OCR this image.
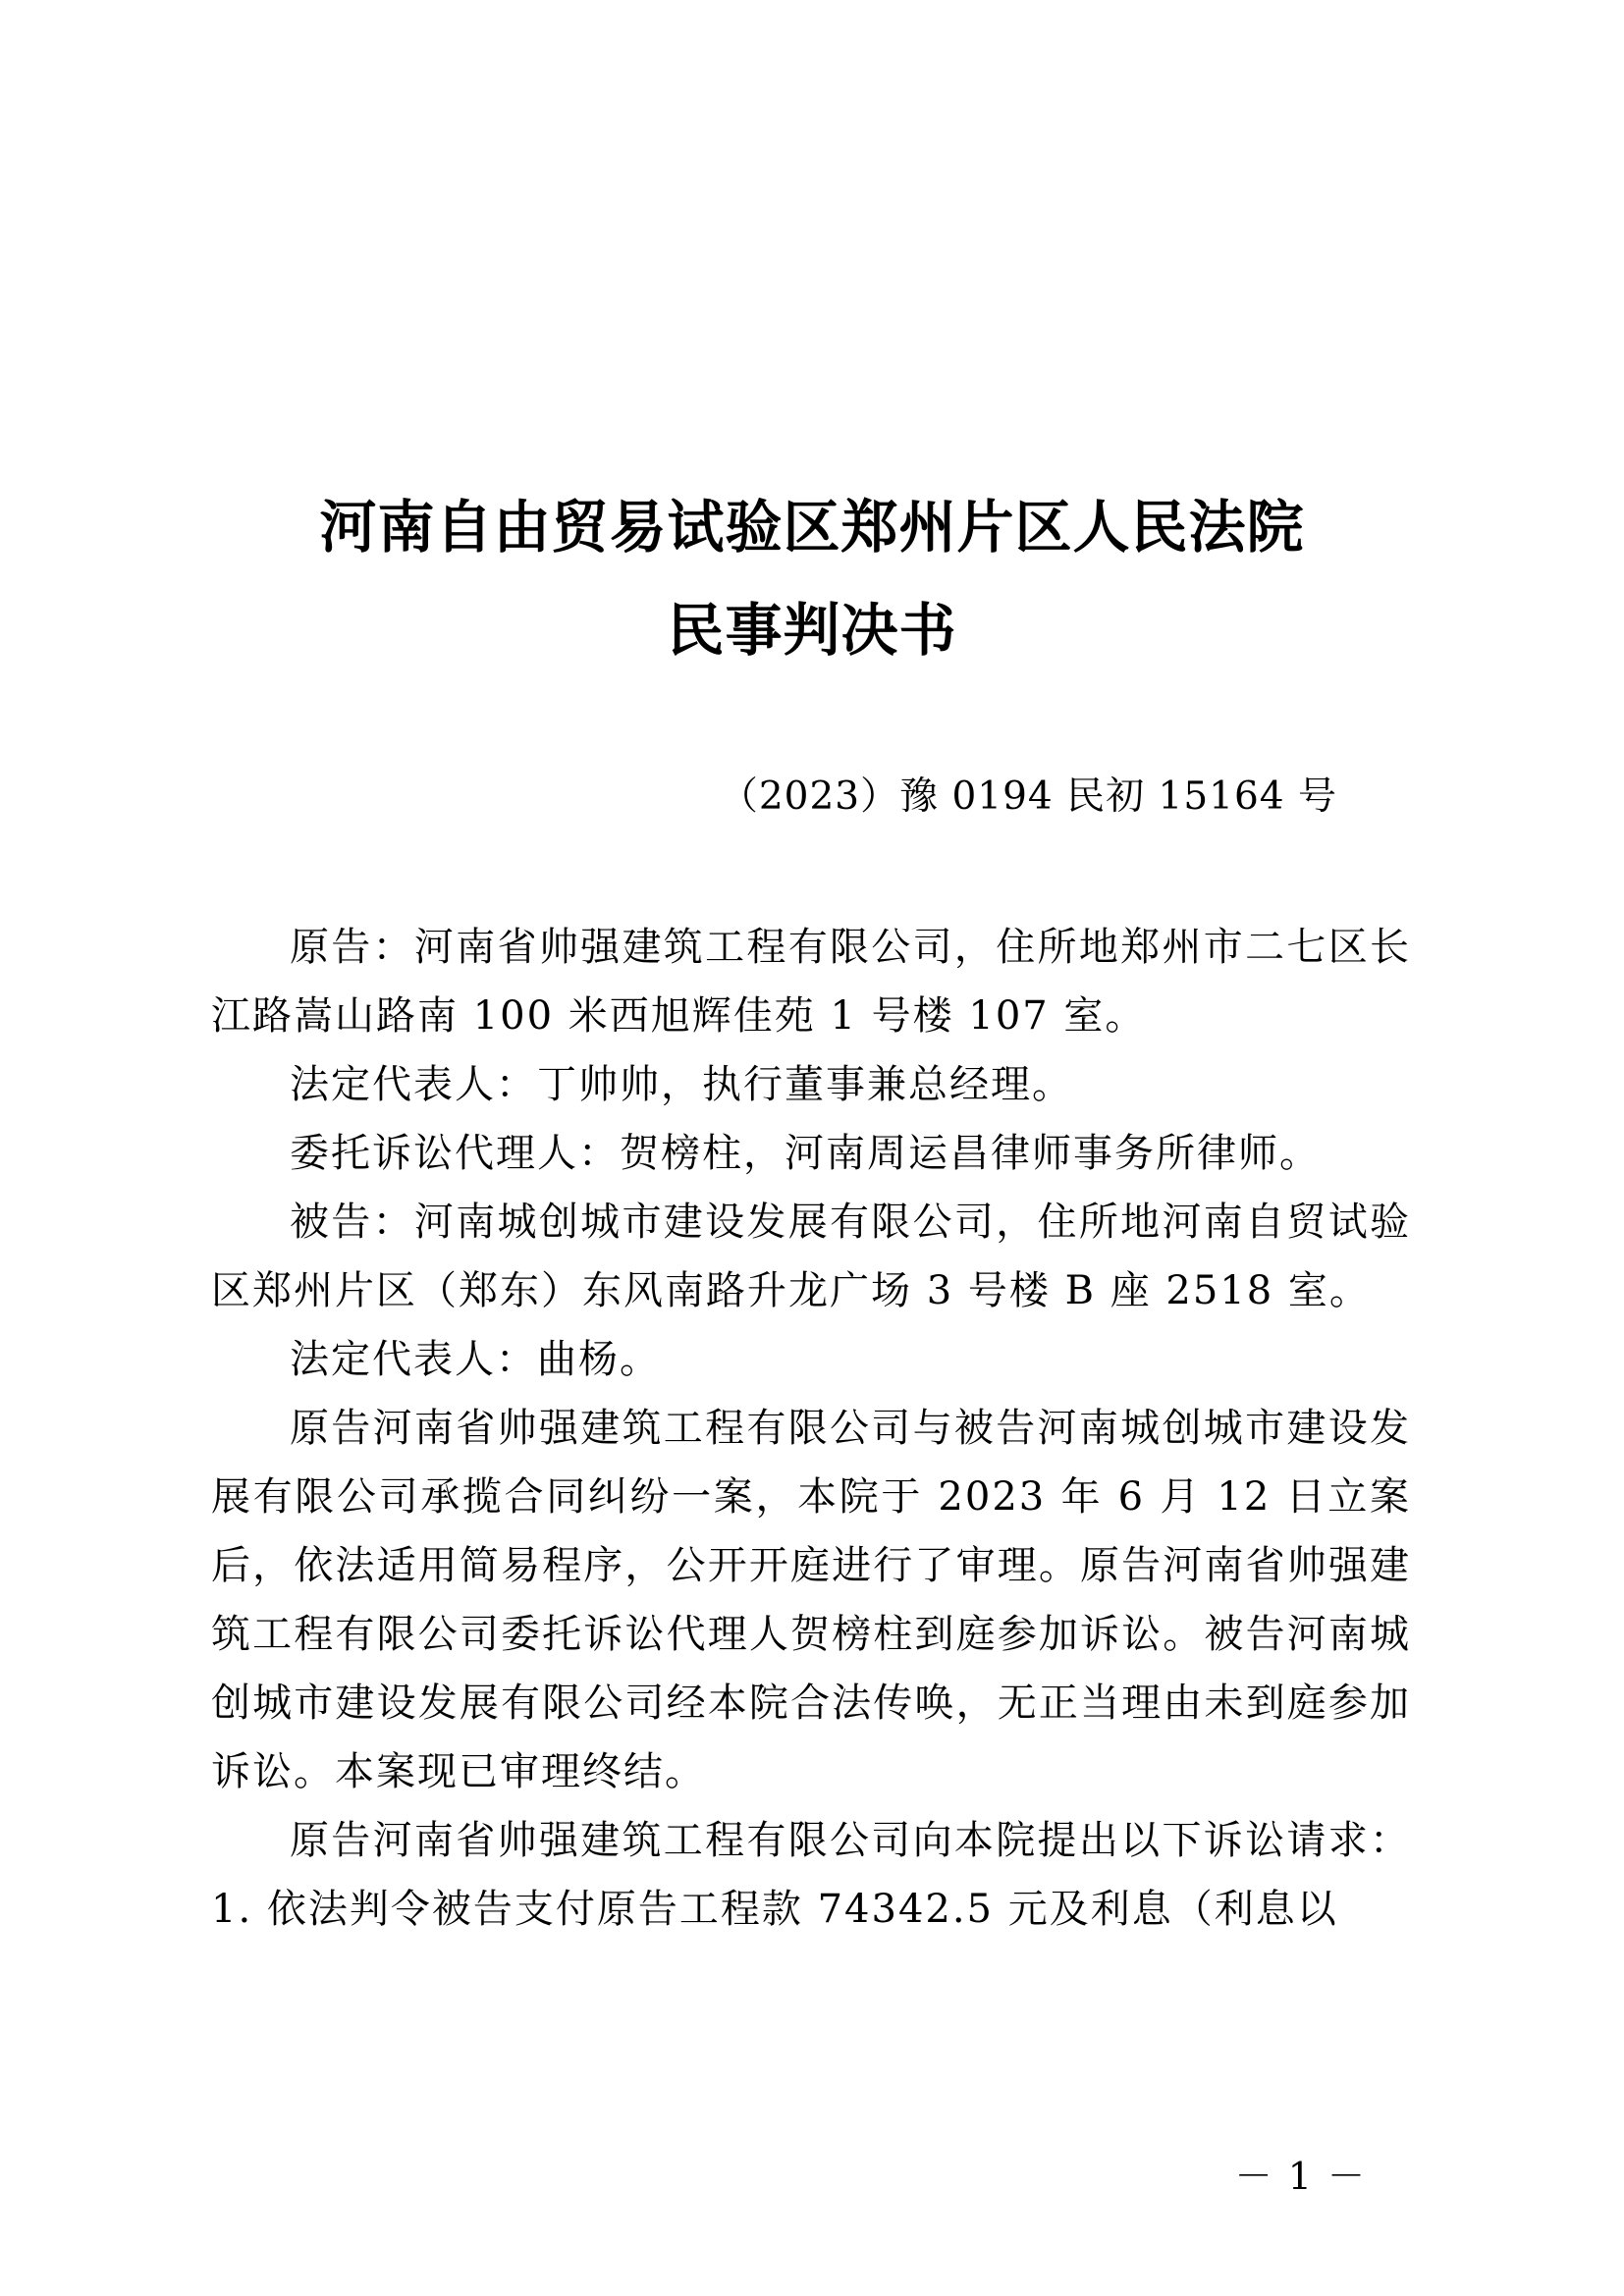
河南自由贸易试验区郑州片区人民法院
民事判决书
（2023）豫 0194 民初 15164 号

原告：河南省帅强建筑工程有限公司，住所地郑州市二七区长江路嵩山路南 100 米西旭辉佳苑 1 号楼 107 室。

法定代表人：丁帅帅，执行董事兼总经理。

委托诉讼代理人：贺榜柱，河南周运昌律师事务所律师。

被告：河南城创城市建设发展有限公司，住所地河南自贸试验区郑州片区（郑东）东风南路升龙广场 3 号楼 B 座 2518 室。

法定代表人：曲杨。

原告河南省帅强建筑工程有限公司与被告河南城创城市建设发展有限公司承揽合同纠纷一案，本院于 2023 年 6 月 12 日立案后，依法适用简易程序，公开开庭进行了审理。原告河南省帅强建筑工程有限公司委托诉讼代理人贺榜柱到庭参加诉讼。被告河南城创城市建设发展有限公司经本院合法传唤，无正当理由未到庭参加诉讼。本案现已审理终结。

原告河南省帅强建筑工程有限公司向本院提出以下诉讼请求：1. 依法判令被告支付原告工程款 74342.5 元及利息（利息以

－ 1 －
